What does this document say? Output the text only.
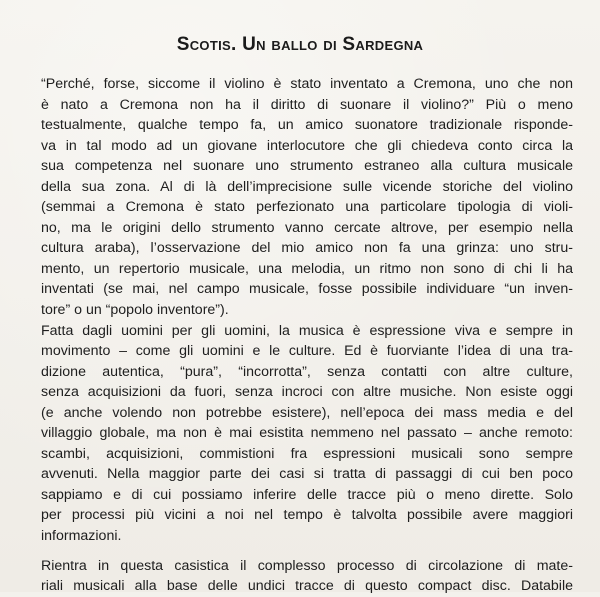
Scotis. Un ballo di Sardegna
“Perché, forse, siccome il violino è stato inventato a Cremona, uno che non
è nato a Cremona non ha il diritto di suonare il violino?” Più o meno
testualmente, qualche tempo fa, un amico suonatore tradizionale risponde-
va in tal modo ad un giovane interlocutore che gli chiedeva conto circa la
sua competenza nel suonare uno strumento estraneo alla cultura musicale
della sua zona. Al di là dell’imprecisione sulle vicende storiche del violino
(semmai a Cremona è stato perfezionato una particolare tipologia di violi-
no, ma le origini dello strumento vanno cercate altrove, per esempio nella
cultura araba), l’osservazione del mio amico non fa una grinza: uno stru-
mento, un repertorio musicale, una melodia, un ritmo non sono di chi li ha
inventati (se mai, nel campo musicale, fosse possibile individuare “un inven-
tore” o un “popolo inventore”).
Fatta dagli uomini per gli uomini, la musica è espressione viva e sempre in
movimento – come gli uomini e le culture. Ed è fuorviante l’idea di una tra-
dizione autentica, “pura”, “incorrotta”, senza contatti con altre culture,
senza acquisizioni da fuori, senza incroci con altre musiche. Non esiste oggi
(e anche volendo non potrebbe esistere), nell’epoca dei mass media e del
villaggio globale, ma non è mai esistita nemmeno nel passato – anche remoto:
scambi, acquisizioni, commistioni fra espressioni musicali sono sempre
avvenuti. Nella maggior parte dei casi si tratta di passaggi di cui ben poco
sappiamo e di cui possiamo inferire delle tracce più o meno dirette. Solo
per processi più vicini a noi nel tempo è talvolta possibile avere maggiori
informazioni.
Rientra in questa casistica il complesso processo di circolazione di mate-
riali musicali alla base delle undici tracce di questo compact disc. Databile
